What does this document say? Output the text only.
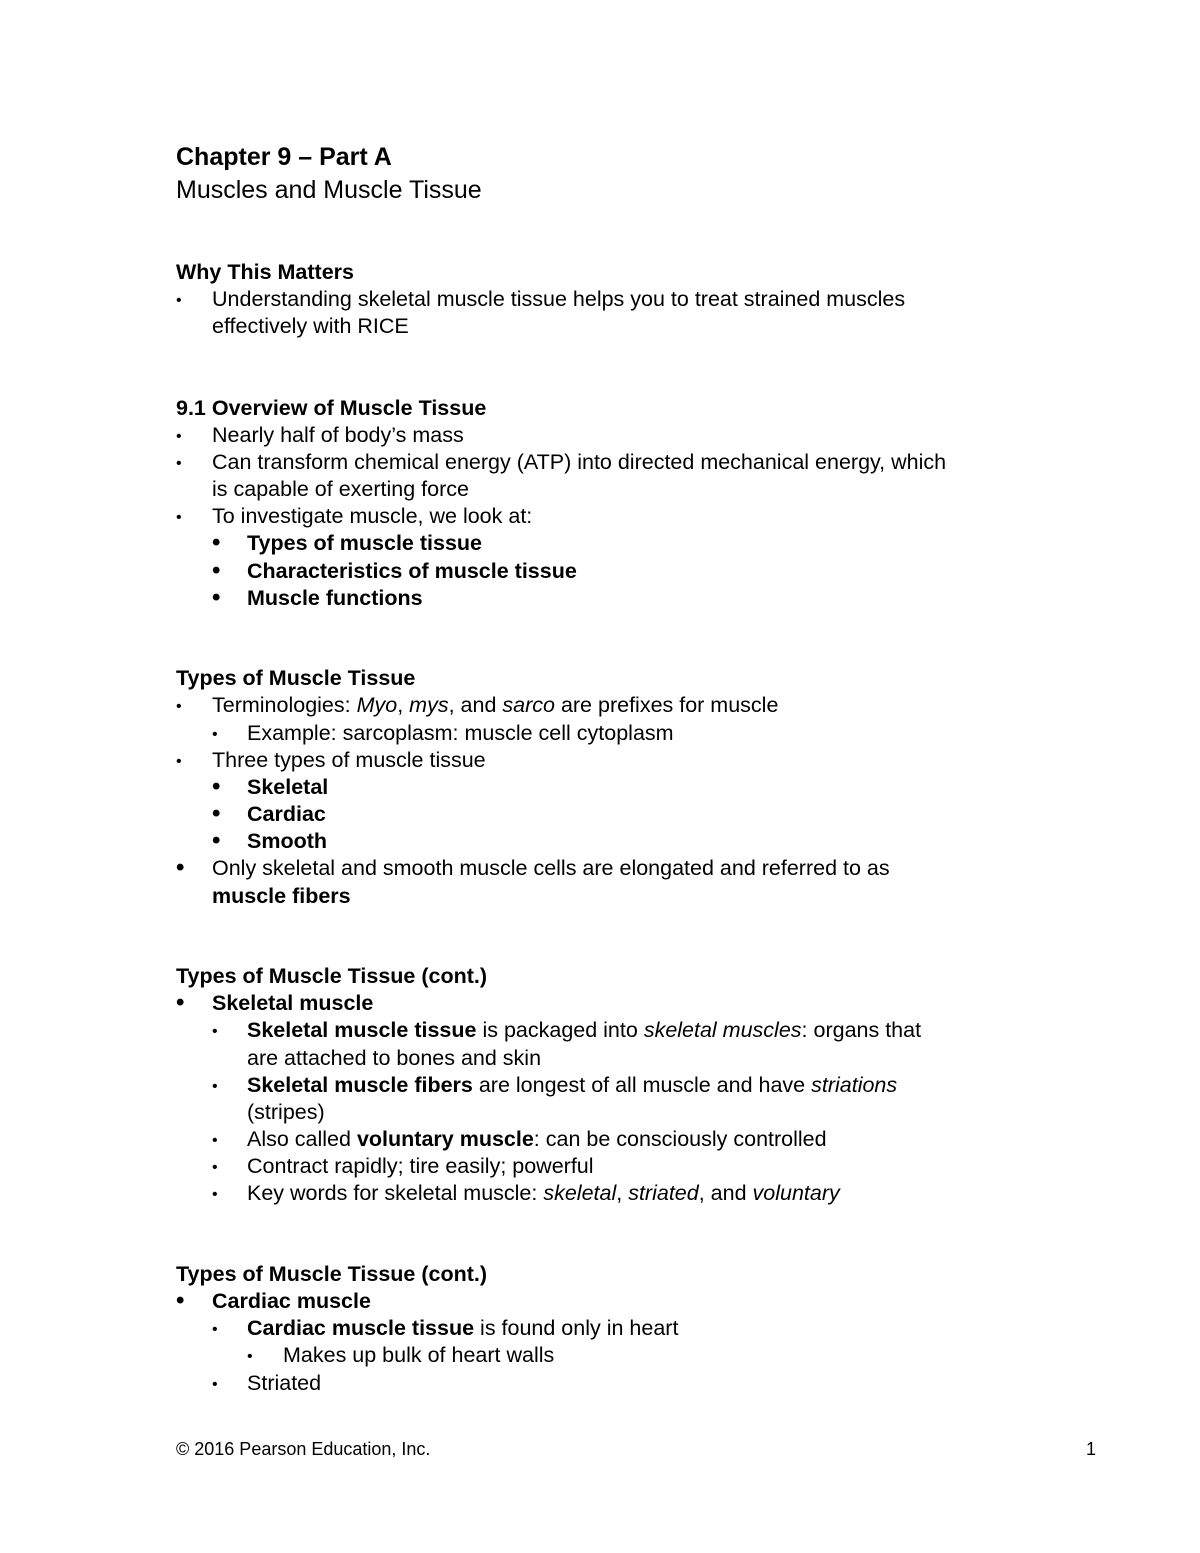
Chapter 9 – Part A
Muscles and Muscle Tissue
Why This Matters
• Understanding skeletal muscle tissue helps you to treat strained muscles
effectively with RICE
9.1 Overview of Muscle Tissue
• Nearly half of body’s mass
• Can transform chemical energy (ATP) into directed mechanical energy, which
is capable of exerting force
• To investigate muscle, we look at:
• Types of muscle tissue
• Characteristics of muscle tissue
• Muscle functions
Types of Muscle Tissue
• Terminologies: Myo, mys, and sarco are prefixes for muscle
• Example: sarcoplasm: muscle cell cytoplasm
• Three types of muscle tissue
• Skeletal
• Cardiac
• Smooth
• Only skeletal and smooth muscle cells are elongated and referred to as
muscle fibers
Types of Muscle Tissue (cont.)
• Skeletal muscle
• Skeletal muscle tissue is packaged into skeletal muscles: organs that
are attached to bones and skin
• Skeletal muscle fibers are longest of all muscle and have striations
(stripes)
• Also called voluntary muscle: can be consciously controlled
• Contract rapidly; tire easily; powerful
• Key words for skeletal muscle: skeletal, striated, and voluntary
Types of Muscle Tissue (cont.)
• Cardiac muscle
• Cardiac muscle tissue is found only in heart
• Makes up bulk of heart walls
• Striated
© 2016 Pearson Education, Inc.	1
